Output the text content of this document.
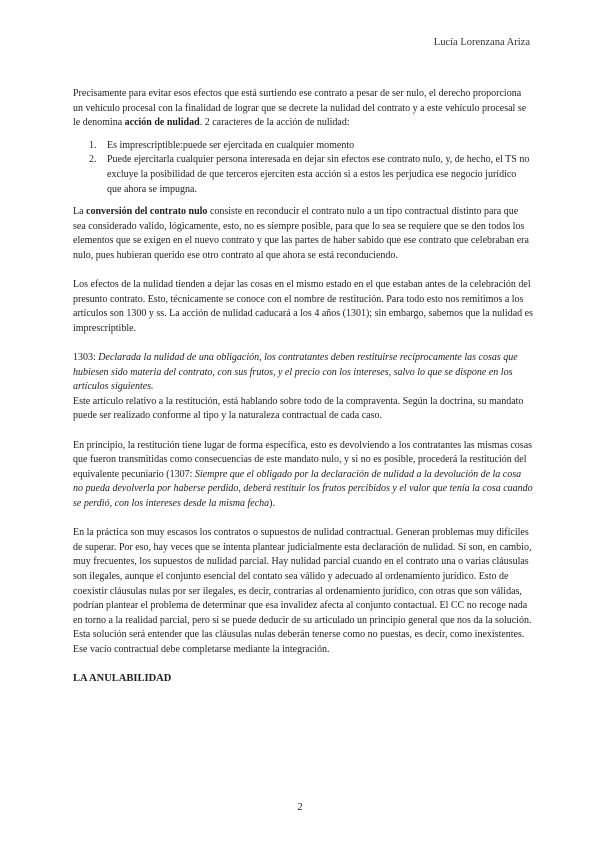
Lucía Lorenzana Ariza

Precisamente para evitar esos efectos que está surtiendo ese contrato a pesar de ser nulo, el derecho proporciona un vehículo procesal con la finalidad de lograr que se decrete la nulidad del contrato y a este vehículo procesal se le denomina acción de nulidad. 2 caracteres de la acción de nulidad:

1. Es imprescriptible:puede ser ejercitada en cualquier momento
2. Puede ejercitarla cualquier persona interesada en dejar sin efectos ese contrato nulo, y, de hecho, el TS no excluye la posibilidad de que terceros ejerciten esta acción si a estos les perjudica ese negocio jurídico que ahora se impugna.

La conversión del contrato nulo consiste en reconducir el contrato nulo a un tipo contractual distinto para que sea considerado valido, lógicamente, esto, no es siempre posible, para que lo sea se requiere que se den todos los elementos que se exigen en el nuevo contrato y que las partes de haber sabido que ese contrato que celebraban era nulo, pues hubieran querido ese otro contrato al que ahora se está reconduciendo.

Los efectos de la nulidad tienden a dejar las cosas en el mismo estado en el que estaban antes de la celebración del presunto contrato. Esto, técnicamente se conoce con el nombre de restitución. Para todo esto nos remitimos a los artículos son 1300 y ss. La acción de nulidad caducará a los 4 años (1301); sin embargo, sabemos que la nulidad es imprescriptible.

1303: Declarada la nulidad de una obligación, los contratantes deben restituirse recíprocamente las cosas que hubiesen sido materia del contrato, con sus frutos, y el precio con los intereses, salvo lo que se dispone en los artículos siguientes.

Este artículo relativo a la restitución, está hablando sobre todo de la compraventa. Según la doctrina, su mandato puede ser realizado conforme al tipo y la naturaleza contractual de cada caso.

En principio, la restitución tiene lugar de forma específica, esto es devolviendo a los contratantes las mismas cosas que fueron transmitidas como consecuencias de este mandato nulo, y si no es posible, procederá la restitución del equivalente pecuniario (1307: Siempre que el obligado por la declaración de nulidad a la devolución de la cosa no pueda devolverla por haberse perdido, deberá restituir los frutos percibidos y el valor que tenía la cosa cuando se perdió, con los intereses desde la misma fecha).

En la práctica son muy escasos los contratos o supuestos de nulidad contractual. Generan problemas muy difíciles de superar. Por eso, hay veces que se intenta plantear judicialmente esta declaración de nulidad. Sí son, en cambio, muy frecuentes, los supuestos de nulidad parcial. Hay nulidad parcial cuando en el contrato una o varias cláusulas son ilegales, aunque el conjunto esencial del contato sea válido y adecuado al ordenamiento jurídico. Esto de coexistir cláusulas nulas por ser ilegales, es decir, contrarias al ordenamiento jurídico, con otras que son válidas, podrían plantear el problema de determinar que esa invalidez afecta al conjunto contactual. El CC no recoge nada en torno a la realidad parcial, pero sí se puede deducir de su articulado un principio general que nos da la solución. Esta solución será entender que las cláusulas nulas deberán tenerse como no puestas, es decir, como inexistentes. Ese vacío contractual debe completarse mediante la integración.

LA ANULABILIDAD

2
